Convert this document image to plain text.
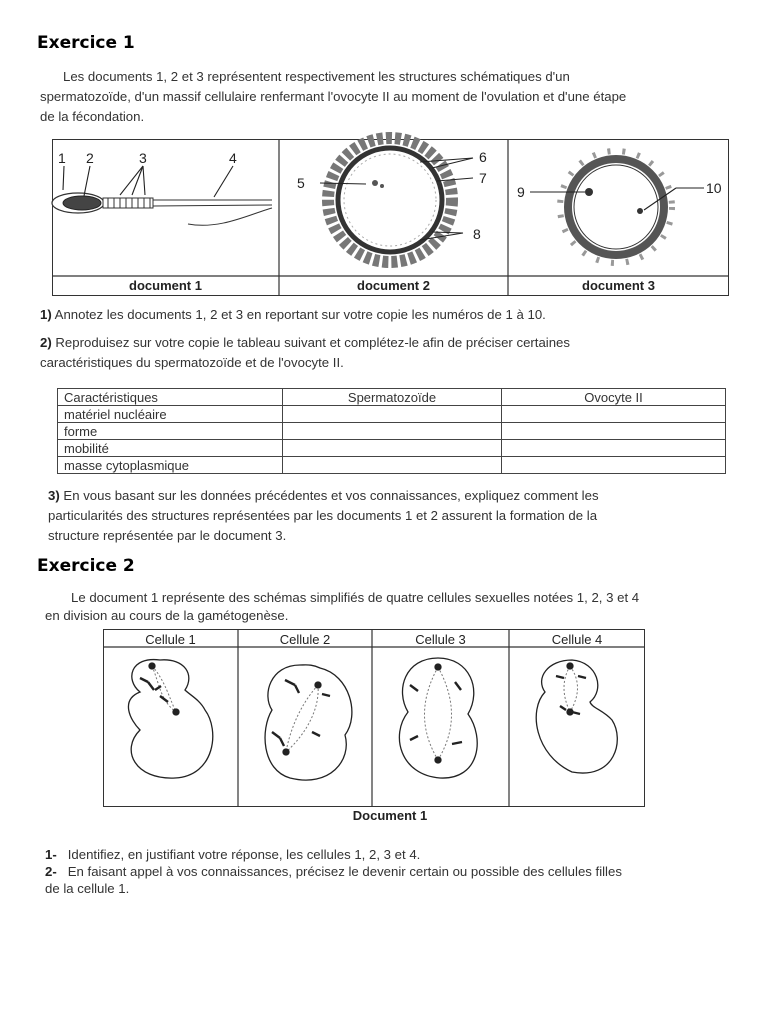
Exercice 1

Les documents 1, 2 et 3 représentent respectivement les structures schématiques d'un

spermatozoïde, d'un massif cellulaire renfermant l'ovocyte II au moment de l'ovulation et d'une étape

de la fécondation.

1 2	3	4
5
6
7
8
9	10
document 1	document 2	document 3

1) Annotez les documents 1, 2 et 3 en reportant sur votre copie les numéros de 1 à 10.

2) Reproduisez sur votre copie le tableau suivant et complétez-le afin de préciser certaines

caractéristiques du spermatozoïde et de l'ovocyte II.

Caractéristiques	Spermatozoïde	Ovocyte II
matériel nucléaire		
forme		
mobilité		
masse cytoplasmique		

3) En vous basant sur les données précédentes et vos connaissances, expliquez comment les

particularités des structures représentées par les documents 1 et 2 assurent la formation de la

structure représentée par le document 3.

Exercice 2

Le document 1 représente des schémas simplifiés de quatre cellules sexuelles notées 1, 2, 3 et 4

en division au cours de la gamétogenèse.

Cellule 1	Cellule 2	Cellule 3	Cellule 4
Document 1

1- Identifiez, en justifiant votre réponse, les cellules 1, 2, 3 et 4.

2- En faisant appel à vos connaissances, précisez le devenir certain ou possible des cellules filles

de la cellule 1.
